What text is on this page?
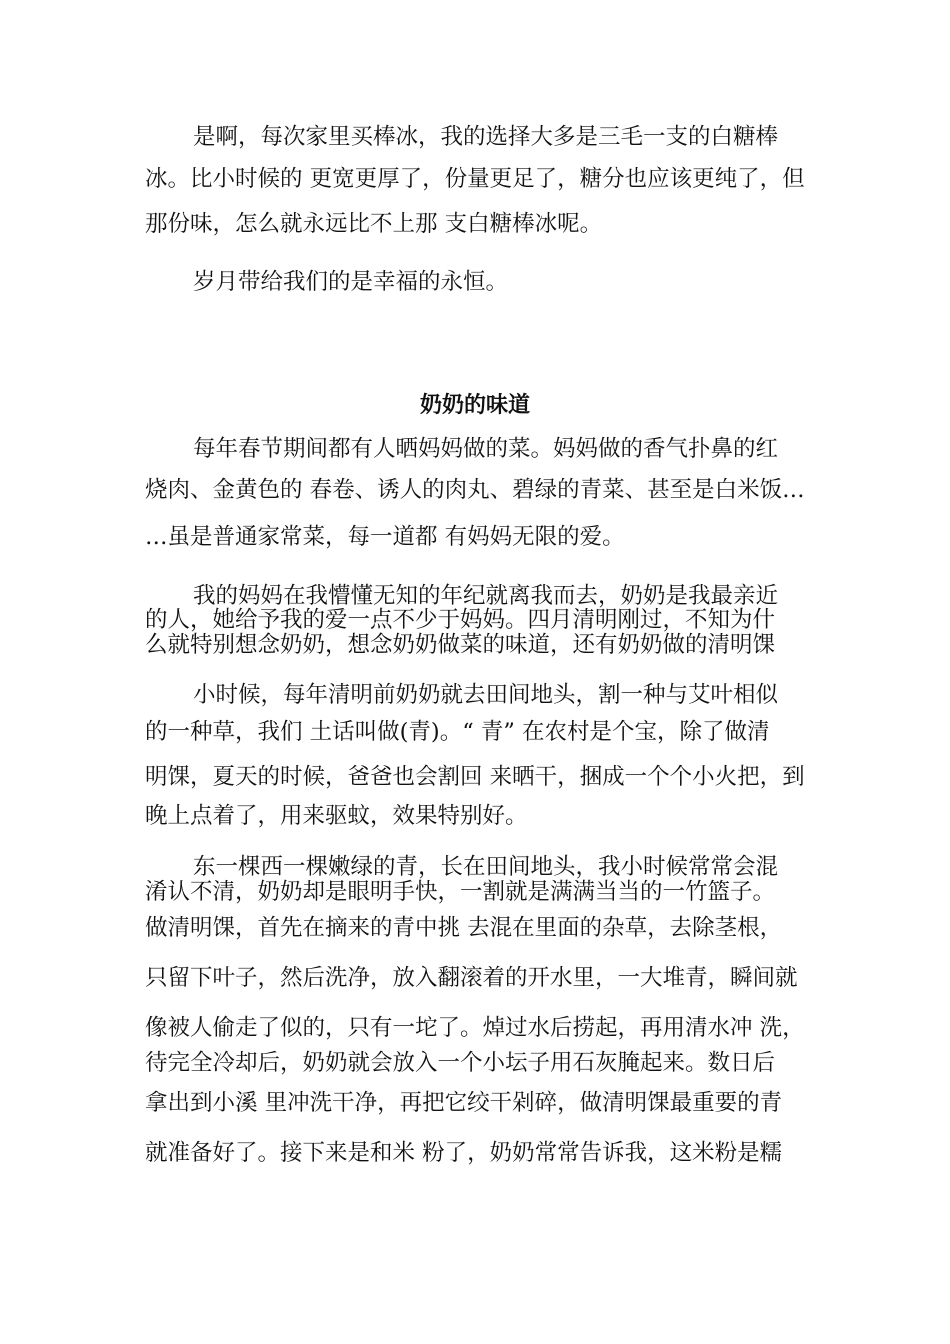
是啊，每次家里买棒冰，我的选择大多是三毛一支的白糖棒
冰。比小时候的 更宽更厚了，份量更足了，糖分也应该更纯了，但
那份味，怎么就永远比不上那 支白糖棒冰呢。
岁月带给我们的是幸福的永恒。
奶奶的味道
每年春节期间都有人晒妈妈做的菜。妈妈做的香气扑鼻的红
烧肉、金黄色的 春卷、诱人的肉丸、碧绿的青菜、甚至是白米饭…
…虽是普通家常菜，每一道都 有妈妈无限的爱。
我的妈妈在我懵懂无知的年纪就离我而去，奶奶是我最亲近
的人，她给予我的爱一点不少于妈妈。四月清明刚过，不知为什
么就特别想念奶奶，想念奶奶做菜的味道，还有奶奶做的清明馃
小时候，每年清明前奶奶就去田间地头，割一种与艾叶相似
的一种草，我们 土话叫做(青)。“ 青” 在农村是个宝，除了做清
明馃，夏天的时候，爸爸也会割回 来晒干，捆成一个个小火把，到
晚上点着了，用来驱蚊，效果特别好。
东一棵西一棵嫩绿的青，长在田间地头，我小时候常常会混
淆认不清，奶奶却是眼明手快，一割就是满满当当的一竹篮子。
做清明馃，首先在摘来的青中挑 去混在里面的杂草，去除茎根，
只留下叶子，然后洗净，放入翻滚着的开水里，一大堆青，瞬间就
像被人偷走了似的，只有一坨了。焯过水后捞起，再用清水冲 洗，
待完全冷却后，奶奶就会放入一个小坛子用石灰腌起来。数日后
拿出到小溪 里冲洗干净，再把它绞干剁碎，做清明馃最重要的青
就准备好了。接下来是和米 粉了，奶奶常常告诉我，这米粉是糯
